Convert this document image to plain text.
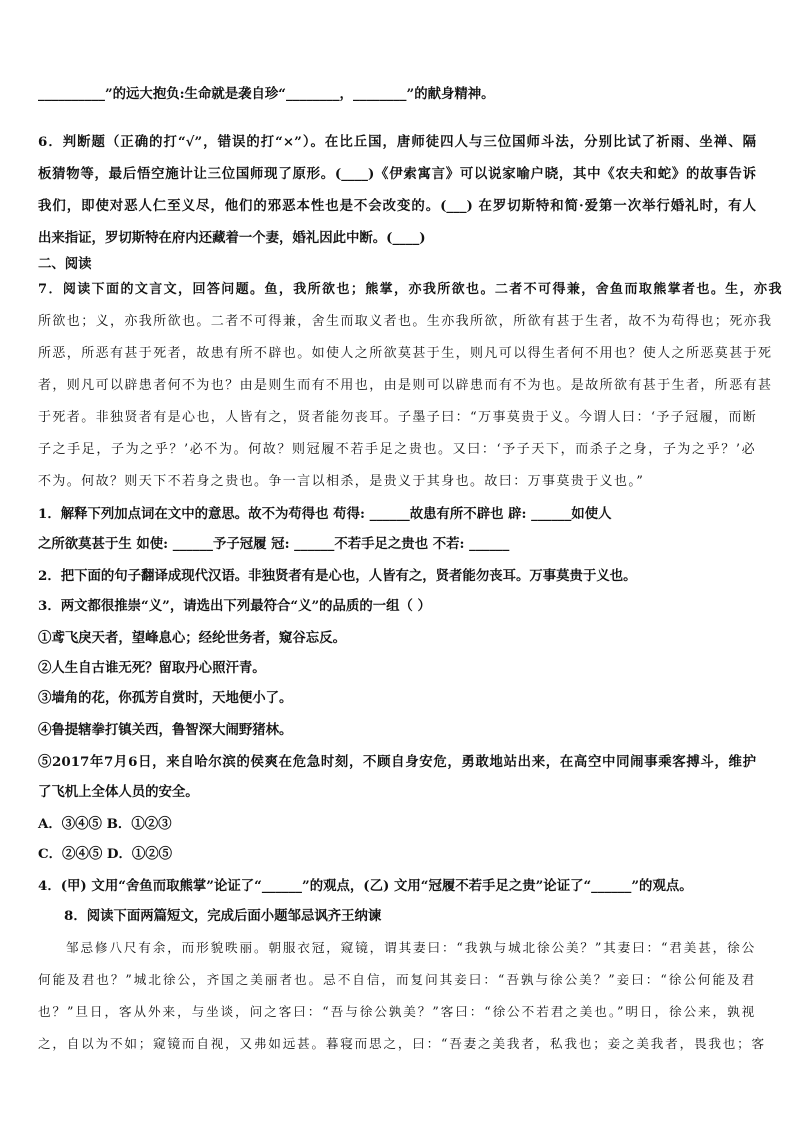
__________”的远大抱负:生命就是袭自珍“________，________”的献身精神。
6．判断题（正确的打“√”，错误的打“×”）。在比丘国，唐师徒四人与三位国师斗法，分别比试了祈雨、坐禅、隔
板猜物等，最后悟空施计让三位国师现了原形。(____)《伊索寓言》可以说家喻户晓，其中《农夫和蛇》的故事告诉
我们，即使对恶人仁至义尽，他们的邪恶本性也是不会改变的。(___) 在罗切斯特和简·爱第一次举行婚礼时，有人
出来指证，罗切斯特在府内还藏着一个妻，婚礼因此中断。(____)
二、阅读
7．阅读下面的文言文，回答问题。鱼，我所欲也；熊掌，亦我所欲也。二者不可得兼，舍鱼而取熊掌者也。生，亦我
所欲也；义，亦我所欲也。二者不可得兼，舍生而取义者也。生亦我所欲，所欲有甚于生者，故不为苟得也；死亦我
所恶，所恶有甚于死者，故患有所不辟也。如使人之所欲莫甚于生，则凡可以得生者何不用也？使人之所恶莫甚于死
者，则凡可以辟患者何不为也？由是则生而有不用也，由是则可以辟患而有不为也。是故所欲有甚于生者，所恶有甚
于死者。非独贤者有是心也，人皆有之，贤者能勿丧耳。子墨子曰：“万事莫贵于义。今谓人曰：‘予子冠履，而断
子之手足，子为之乎？’必不为。何故？则冠履不若手足之贵也。又曰：‘予子天下，而杀子之身，子为之乎？’必
不为。何故？则天下不若身之贵也。争一言以相杀，是贵义于其身也。故曰：万事莫贵于义也。”
1．解释下列加点词在文中的意思。故不为苟得也 苟得: ______故患有所不辟也 辟: ______如使人
之所欲莫甚于生 如使: ______予子冠履 冠: ______不若手足之贵也 不若: ______
2．把下面的句子翻译成现代汉语。非独贤者有是心也，人皆有之，贤者能勿丧耳。万事莫贵于义也。
3．两文都很推崇“义”，请选出下列最符合“义”的品质的一组（ ）
①鸢飞戾天者，望峰息心；经纶世务者，窥谷忘反。
②人生自古谁无死？留取丹心照汗青。
③墙角的花，你孤芳自赏时，天地便小了。
④鲁提辖拳打镇关西，鲁智深大闹野猪林。
⑤2017年7月6日，来自哈尔滨的侯爽在危急时刻，不顾自身安危，勇敢地站出来，在高空中同闹事乘客搏斗，维护
了飞机上全体人员的安全。
A．③④⑤ B．①②③
C．②④⑤ D．①②⑤
4．(甲) 文用“舍鱼而取熊掌”论证了“______”的观点，(乙) 文用“冠履不若手足之贵”论证了“______”的观点。
8．阅读下面两篇短文，完成后面小题邹忌讽齐王纳谏
邹忌修八尺有余，而形貌昳丽。朝服衣冠，窥镜，谓其妻曰：“我孰与城北徐公美？”其妻曰：“君美甚，徐公
何能及君也？”城北徐公，齐国之美丽者也。忌不自信，而复问其妾曰：“吾孰与徐公美？”妾曰：“徐公何能及君
也？”旦日，客从外来，与坐谈，问之客曰：“吾与徐公孰美？”客曰：“徐公不若君之美也。”明日，徐公来，孰视
之，自以为不如；窥镜而自视，又弗如远甚。暮寝而思之，曰：“吾妻之美我者，私我也；妾之美我者，畏我也；客
